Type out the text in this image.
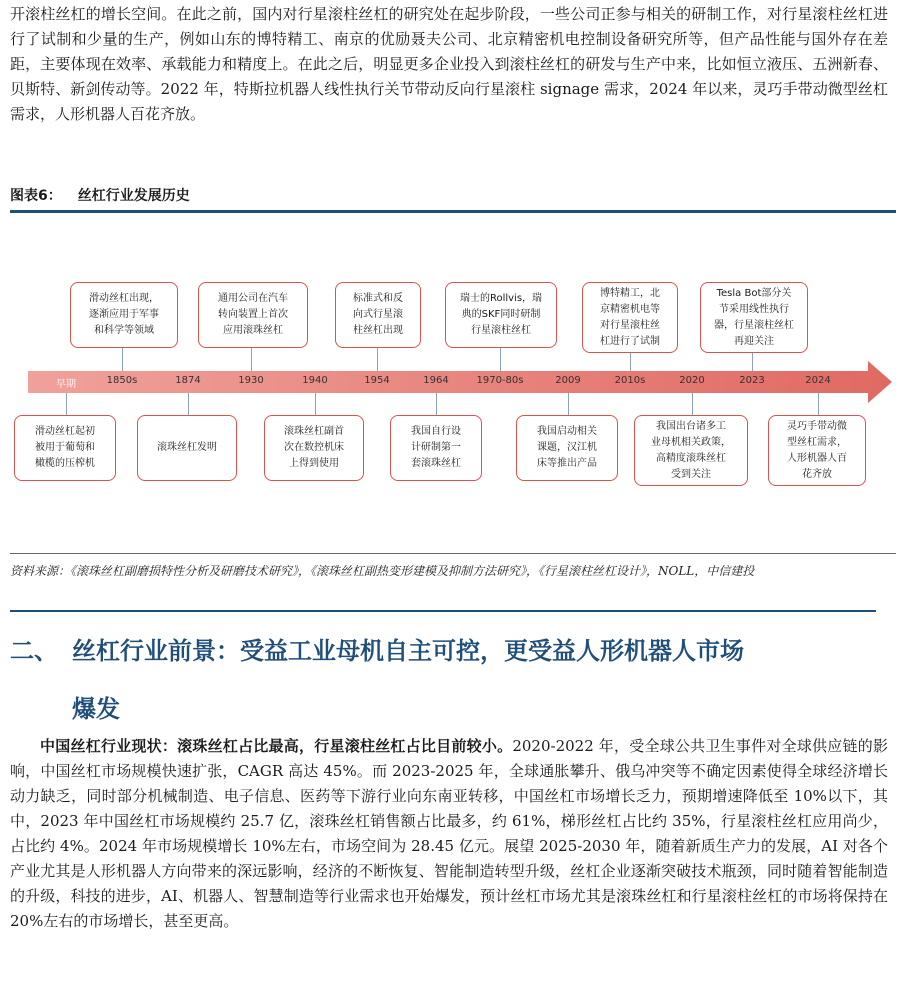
开滚柱丝杠的增长空间。在此之前，国内对行星滚柱丝杠的研究处在起步阶段，一些公司正参与相关的研制工作，对行星滚柱丝杠进行了试制和少量的生产，例如山东的博特精工、南京的优励聂夫公司、北京精密机电控制设备研究所等，但产品性能与国外存在差距，主要体现在效率、承载能力和精度上。在此之后，明显更多企业投入到滚柱丝杠的研发与生产中来，比如恒立液压、五洲新春、贝斯特、新剑传动等。2022 年，特斯拉机器人线性执行关节带动反向行星滚柱 signage 需求，2024 年以来，灵巧手带动微型丝杠需求，人形机器人百花齐放。

图表6： 丝杠行业发展历史
早期	1850s	1874	1930	1940	1954	1964	1970-80s	2009	2010s	2020	2023	2024
滑动丝杠出现，
逐渐应用于军事
和科学等领域
通用公司在汽车
转向装置上首次
应用滚珠丝杠
标准式和反
向式行星滚
柱丝杠出现
瑞士的Rollvis，瑞
典的SKF同时研制
行星滚柱丝杠
博特精工，北
京精密机电等
对行星滚柱丝
杠进行了试制
Tesla Bot部分关
节采用线性执行
器，行星滚柱丝杠
再迎关注
滑动丝杠起初
被用于葡萄和
橄榄的压榨机
滚珠丝杠发明
滚珠丝杠副首
次在数控机床
上得到使用
我国自行设
计研制第一
套滚珠丝杠
我国启动相关
课题，汉江机
床等推出产品
我国出台诸多工
业母机相关政策，
高精度滚珠丝杠
受到关注
灵巧手带动微
型丝杠需求，
人形机器人百
花齐放
资料来源：《滚珠丝杠副磨损特性分析及研磨技术研究》，《滚珠丝杠副热变形建模及抑制方法研究》，《行星滚柱丝杠设计》，NOLL，中信建投
二、 丝杠行业前景：受益工业母机自主可控，更受益人形机器人市场
爆发

中国丝杠行业现状：滚珠丝杠占比最高，行星滚柱丝杠占比目前较小。2020-2022 年，受全球公共卫生事件对全球供应链的影响，中国丝杠市场规模快速扩张，CAGR 高达 45%。而 2023-2025 年，全球通胀攀升、俄乌冲突等不确定因素使得全球经济增长动力缺乏，同时部分机械制造、电子信息、医药等下游行业向东南亚转移，中国丝杠市场增长乏力，预期增速降低至 10%以下，其中，2023 年中国丝杠市场规模约 25.7 亿，滚珠丝杠销售额占比最多，约 61%，梯形丝杠占比约 35%，行星滚柱丝杠应用尚少，占比约 4%。2024 年市场规模增长 10%左右，市场空间为 28.45 亿元。展望 2025-2030 年，随着新质生产力的发展，AI 对各个产业尤其是人形机器人方向带来的深远影响，经济的不断恢复、智能制造转型升级，丝杠企业逐渐突破技术瓶颈，同时随着智能制造的升级，科技的进步，AI、机器人、智慧制造等行业需求也开始爆发，预计丝杠市场尤其是滚珠丝杠和行星滚柱丝杠的市场将保持在 20%左右的市场增长，甚至更高。
